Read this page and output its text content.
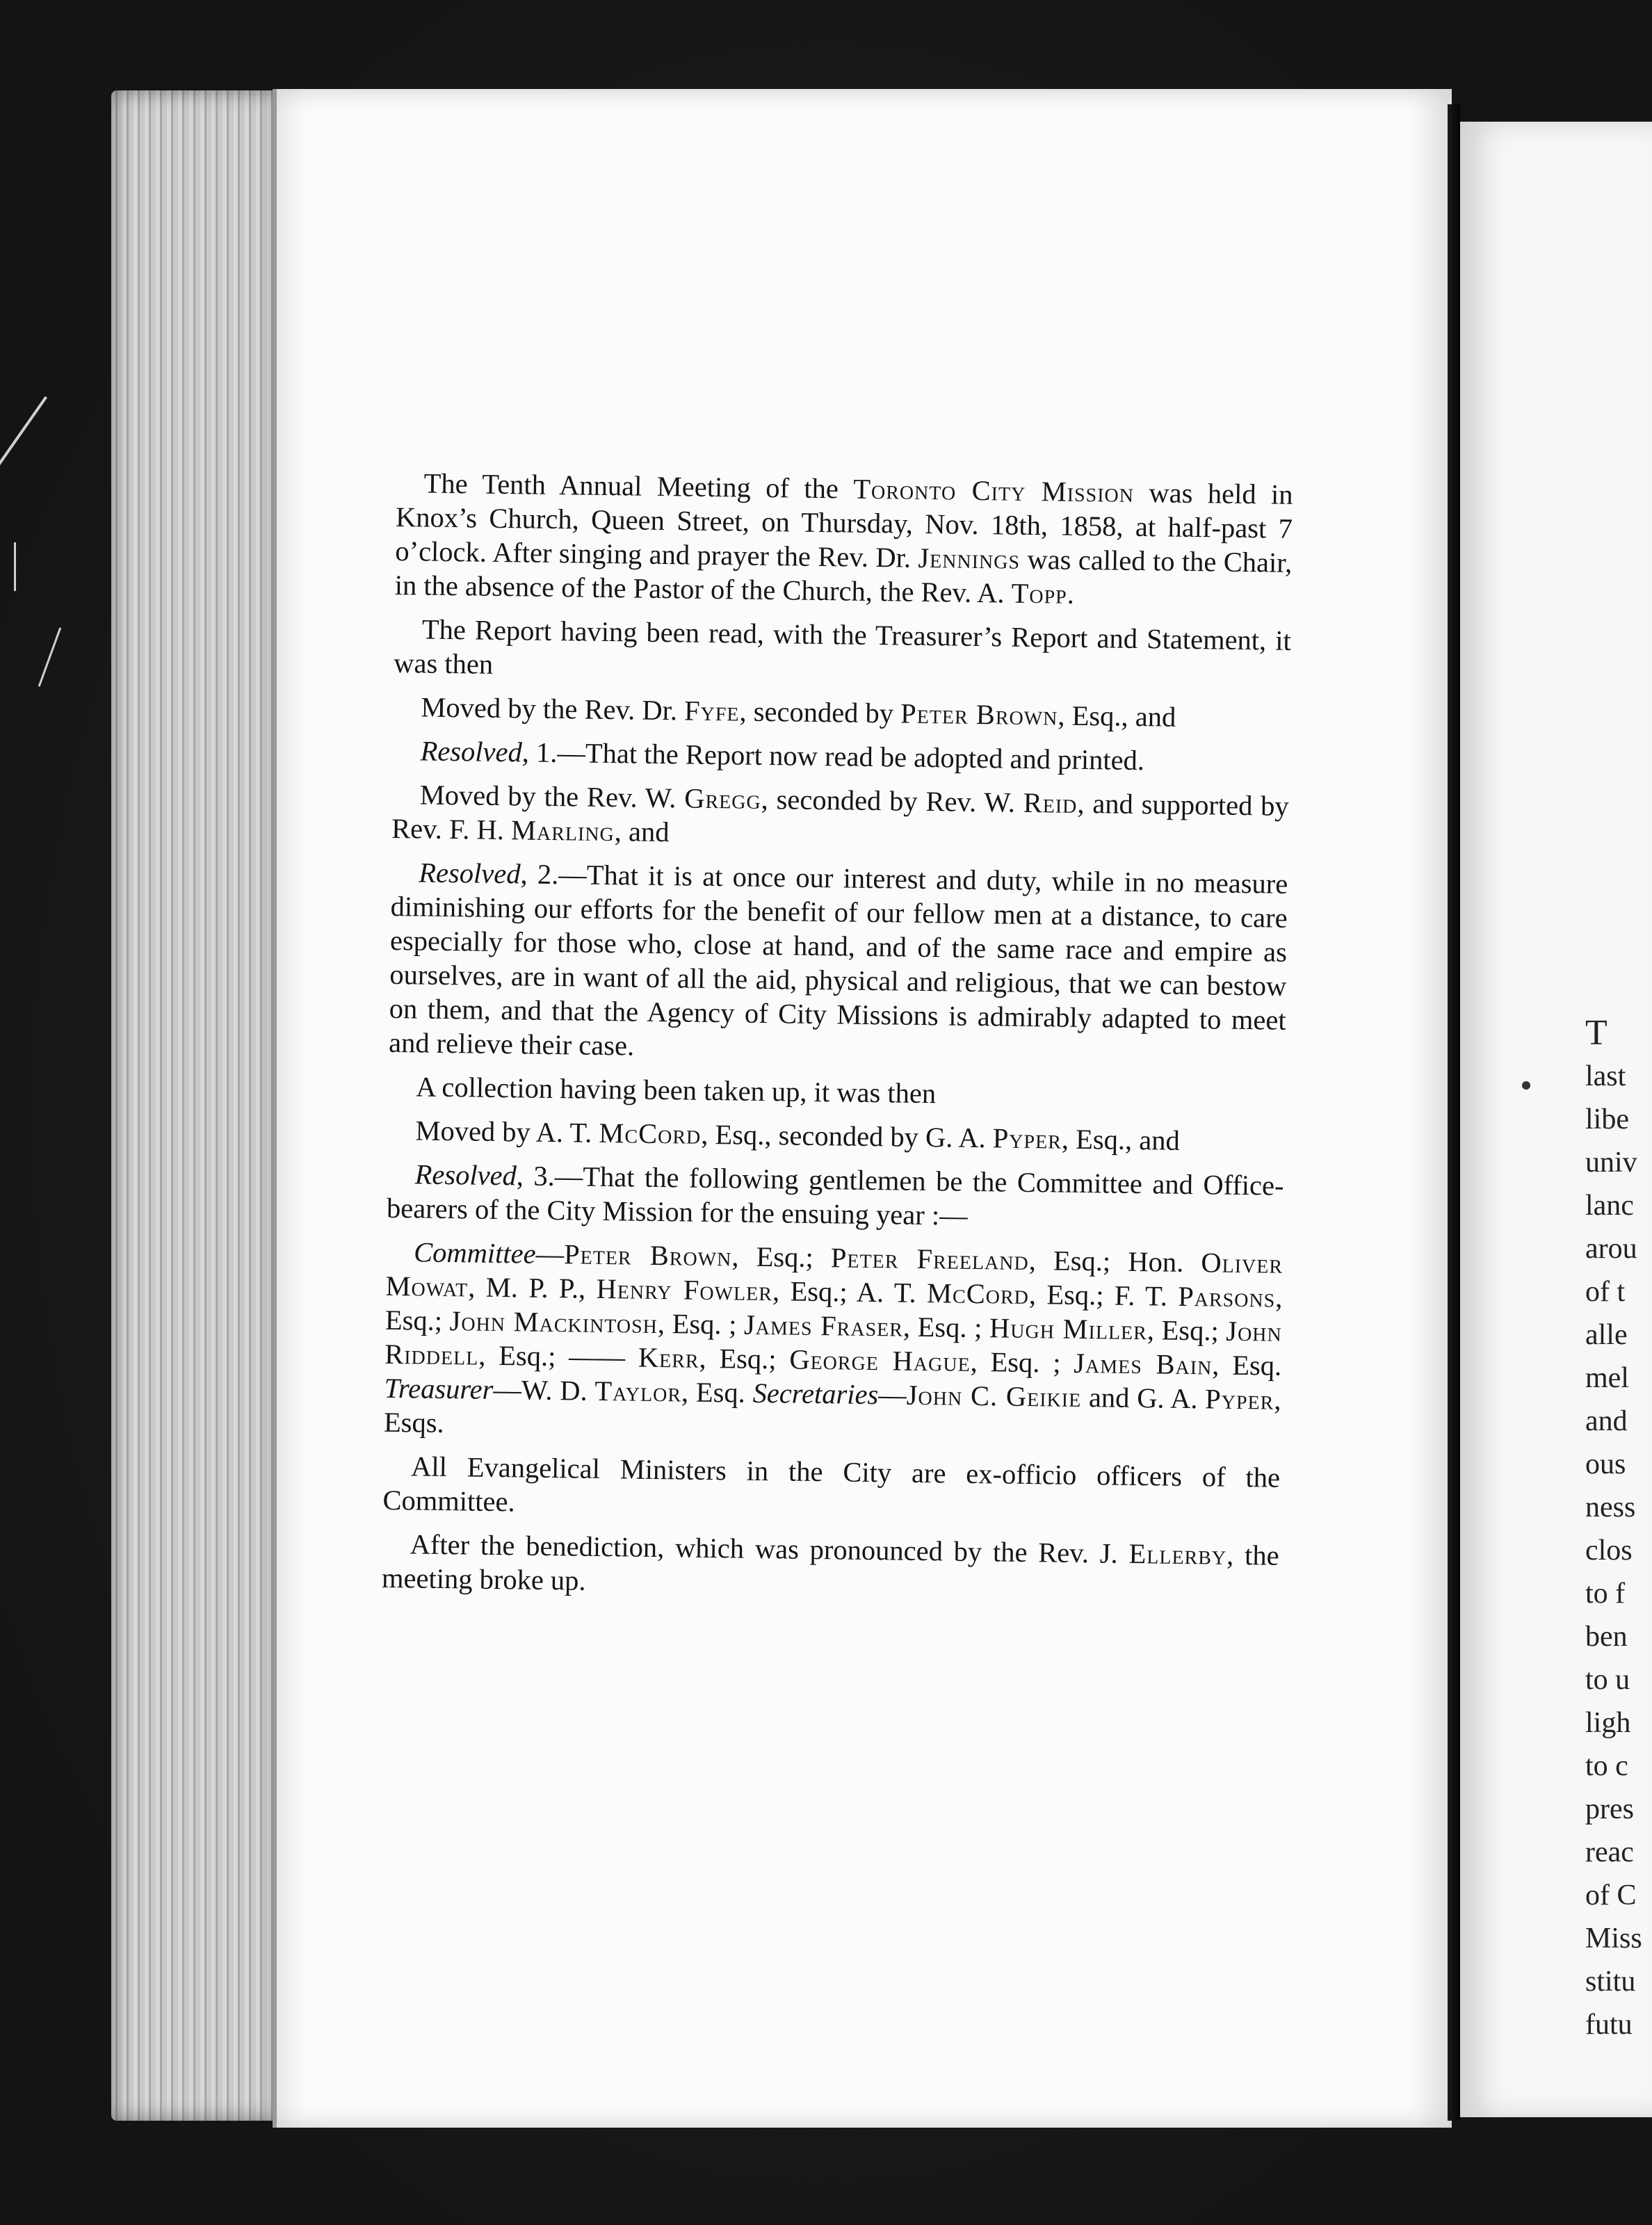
T
last
libe
univ
lanc
arou
of t
alle
mel
and
ous
ness
clos
to f
ben
to u
ligh
to c
pres
reac
of C
Miss
stitu
futu

The Tenth Annual Meeting of the Toronto City Mission was held in Knox’s Church, Queen Street, on Thursday, Nov. 18th, 1858, at half-past 7 o’clock. After singing and prayer the Rev. Dr. Jennings was called to the Chair, in the absence of the Pastor of the Church, the Rev. A. Topp.

The Report having been read, with the Treasurer’s Report and Statement, it was then

Moved by the Rev. Dr. Fyfe, seconded by Peter Brown, Esq., and

Resolved, 1.—That the Report now read be adopted and printed.

Moved by the Rev. W. Gregg, seconded by Rev. W. Reid, and supported by Rev. F. H. Marling, and

Resolved, 2.—That it is at once our interest and duty, while in no measure diminishing our efforts for the benefit of our fellow men at a distance, to care especially for those who, close at hand, and of the same race and empire as ourselves, are in want of all the aid, physical and religious, that we can bestow on them, and that the Agency of City Missions is admirably adapted to meet and relieve their case.

A collection having been taken up, it was then

Moved by A. T. McCord, Esq., seconded by G. A. Pyper, Esq., and

Resolved, 3.—That the following gentlemen be the Committee and Office-bearers of the City Mission for the ensuing year :—

Committee—Peter Brown, Esq.; Peter Freeland, Esq.; Hon. Oliver Mowat, M. P. P., Henry Fowler, Esq.; A. T. McCord, Esq.; F. T. Parsons, Esq.; John Mackintosh, Esq. ; James Fraser, Esq. ; Hugh Miller, Esq.; John Riddell, Esq.; —— Kerr, Esq.; George Hague, Esq. ; James Bain, Esq. Treasurer—W. D. Taylor, Esq. Secretaries—John C. Geikie and G. A. Pyper, Esqs.

All Evangelical Ministers in the City are ex-officio officers of the Committee.

After the benediction, which was pronounced by the Rev. J. Ellerby, the meeting broke up.
